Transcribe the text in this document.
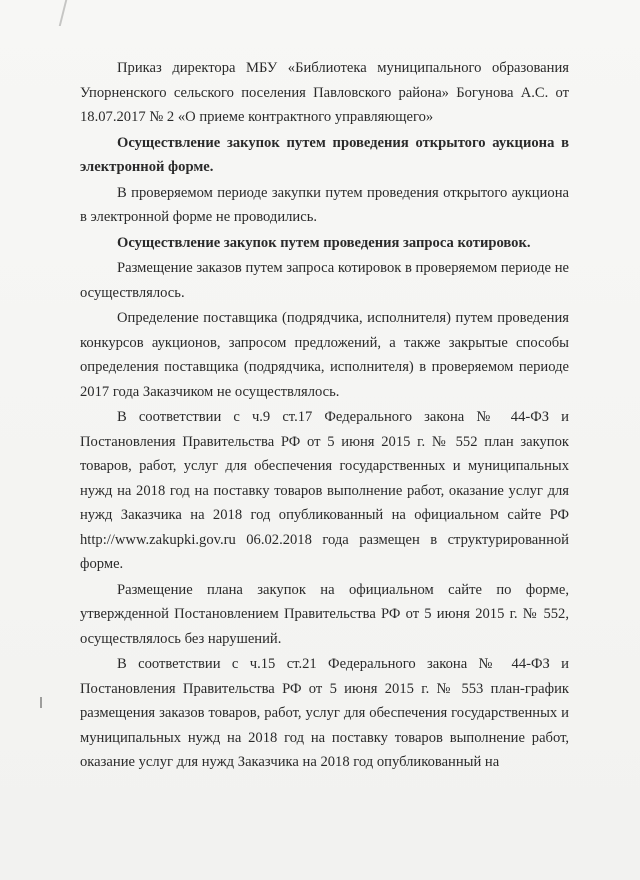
Приказ директора МБУ «Библиотека муниципального образования Упорненского сельского поселения Павловского района» Богунова А.С. от 18.07.2017 № 2 «О приеме контрактного управляющего»

Осуществление закупок путем проведения открытого аукциона в электронной форме.

В проверяемом периоде закупки путем проведения открытого аукциона в электронной форме не проводились.

Осуществление закупок путем проведения запроса котировок.

Размещение заказов путем запроса котировок в проверяемом периоде не осуществлялось.

Определение поставщика (подрядчика, исполнителя) путем проведения конкурсов аукционов, запросом предложений, а также закрытые способы определения поставщика (подрядчика, исполнителя) в проверяемом периоде 2017 года Заказчиком не осуществлялось.

В соответствии с ч.9 ст.17 Федерального закона № 44-ФЗ и Постановления Правительства РФ от 5 июня 2015 г. № 552 план закупок товаров, работ, услуг для обеспечения государственных и муниципальных нужд на 2018 год на поставку товаров выполнение работ, оказание услуг для нужд Заказчика на 2018 год опубликованный на официальном сайте РФ http://www.zakupki.gov.ru 06.02.2018 года размещен в структурированной форме.

Размещение плана закупок на официальном сайте по форме, утвержденной Постановлением Правительства РФ от 5 июня 2015 г. № 552, осуществлялось без нарушений.

В соответствии с ч.15 ст.21 Федерального закона № 44-ФЗ и Постановления Правительства РФ от 5 июня 2015 г. № 553 план-график размещения заказов товаров, работ, услуг для обеспечения государственных и муниципальных нужд на 2018 год на поставку товаров выполнение работ, оказание услуг для нужд Заказчика на 2018 год опубликованный на
